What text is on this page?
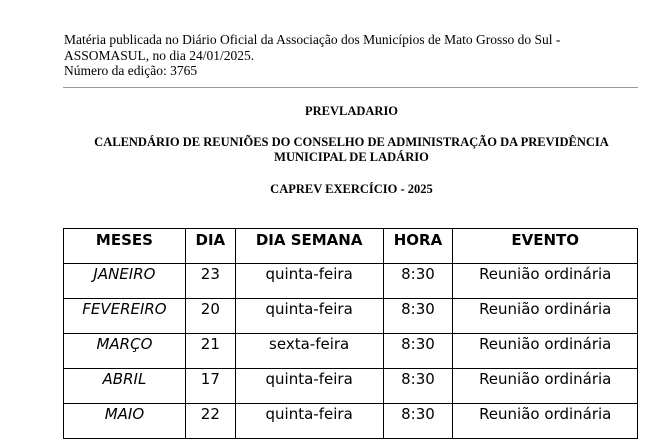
Matéria publicada no Diário Oficial da Associação dos Municípios de Mato Grosso do Sul -
ASSOMASUL, no dia 24/01/2025.
Número da edição: 3765
PREVLADARIO
CALENDÁRIO DE REUNIÕES DO CONSELHO DE ADMINISTRAÇÃO DA PREVIDÊNCIA MUNICIPAL DE LADÁRIO
CAPREV EXERCÍCIO - 2025
MESES	DIA	DIA SEMANA	HORA	EVENTO
JANEIRO	23	quinta-feira	8:30	Reunião ordinária
FEVEREIRO	20	quinta-feira	8:30	Reunião ordinária
MARÇO	21	sexta-feira	8:30	Reunião ordinária
ABRIL	17	quinta-feira	8:30	Reunião ordinária
MAIO	22	quinta-feira	8:30	Reunião ordinária
